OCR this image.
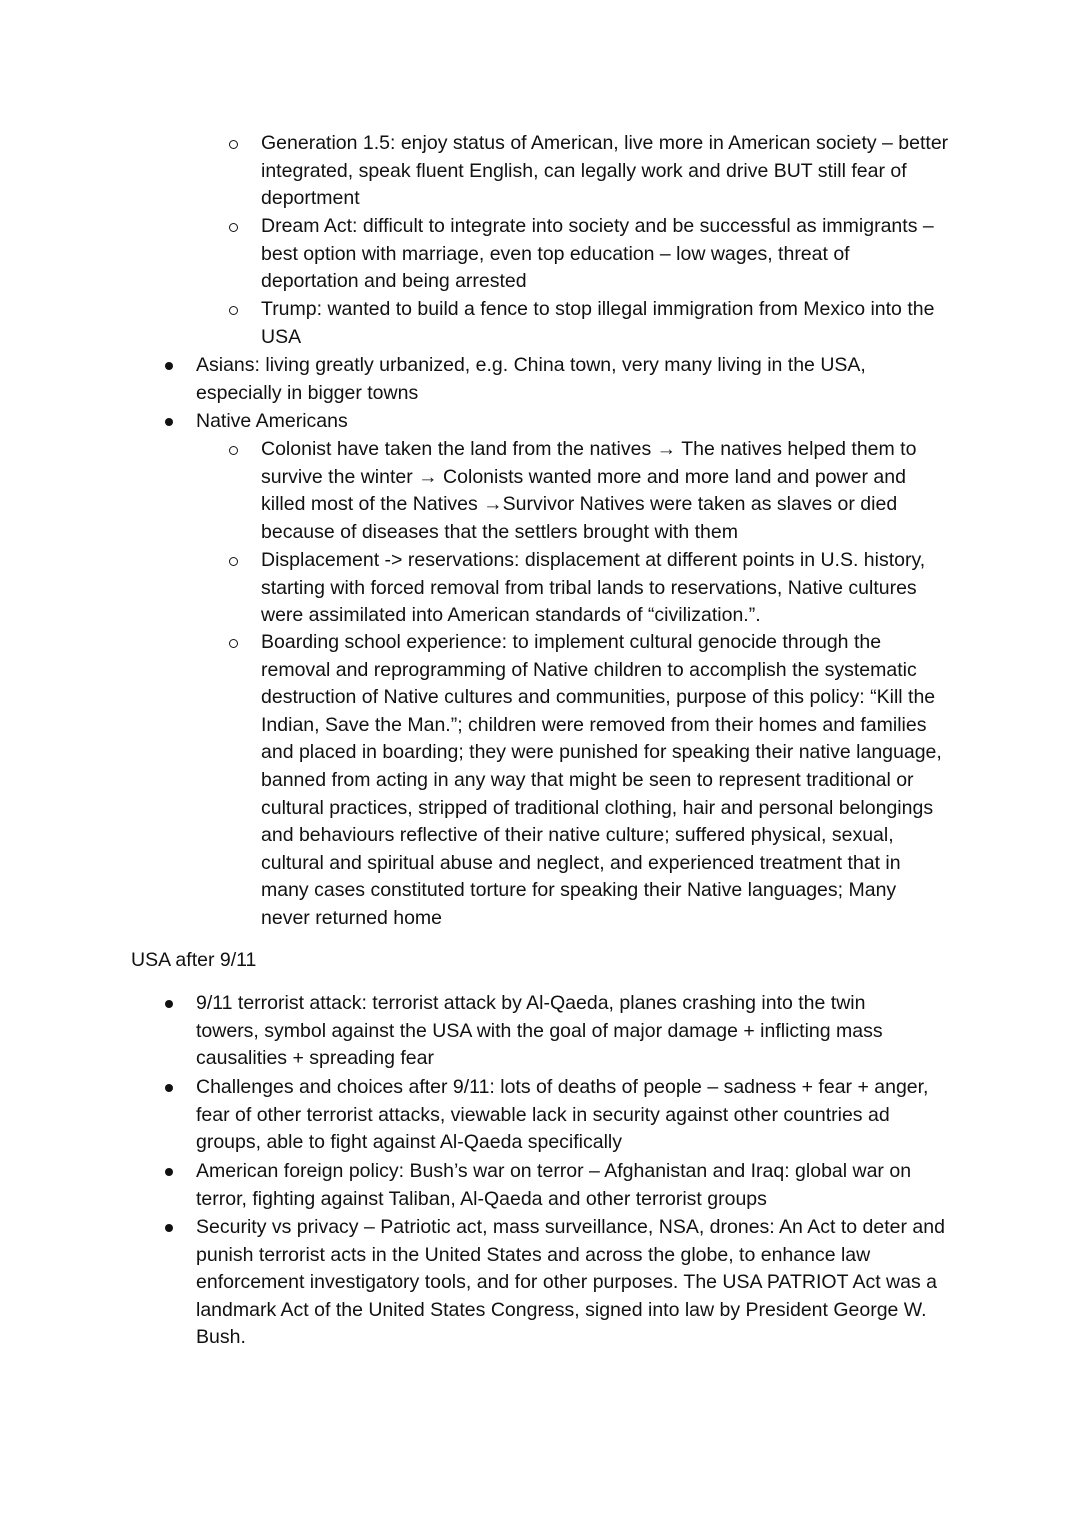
Generation 1.5: enjoy status of American, live more in American society – better integrated, speak fluent English, can legally work and drive BUT still fear of deportment
Dream Act: difficult to integrate into society and be successful as immigrants – best option with marriage, even top education – low wages, threat of deportation and being arrested
Trump: wanted to build a fence to stop illegal immigration from Mexico into the USA
Asians: living greatly urbanized, e.g. China town, very many living in the USA, especially in bigger towns
Native Americans
Colonist have taken the land from the natives → The natives helped them to survive the winter → Colonists wanted more and more land and power and killed most of the Natives →Survivor Natives were taken as slaves or died because of diseases that the settlers brought with them
Displacement -> reservations: displacement at different points in U.S. history, starting with forced removal from tribal lands to reservations, Native cultures were assimilated into American standards of “civilization.”.
Boarding school experience: to implement cultural genocide through the removal and reprogramming of Native children to accomplish the systematic destruction of Native cultures and communities, purpose of this policy: “Kill the Indian, Save the Man.”; children were removed from their homes and families and placed in boarding; they were punished for speaking their native language, banned from acting in any way that might be seen to represent traditional or cultural practices, stripped of traditional clothing, hair and personal belongings and behaviours reflective of their native culture; suffered physical, sexual, cultural and spiritual abuse and neglect, and experienced treatment that in many cases constituted torture for speaking their Native languages; Many never returned home
USA after 9/11
9/11 terrorist attack: terrorist attack by Al-Qaeda, planes crashing into the twin towers, symbol against the USA with the goal of major damage + inflicting mass causalities + spreading fear
Challenges and choices after 9/11: lots of deaths of people – sadness + fear + anger, fear of other terrorist attacks, viewable lack in security against other countries ad groups, able to fight against Al-Qaeda specifically
American foreign policy: Bush’s war on terror – Afghanistan and Iraq: global war on terror, fighting against Taliban, Al-Qaeda and other terrorist groups
Security vs privacy – Patriotic act, mass surveillance, NSA, drones: An Act to deter and punish terrorist acts in the United States and across the globe, to enhance law enforcement investigatory tools, and for other purposes. The USA PATRIOT Act was a landmark Act of the United States Congress, signed into law by President George W. Bush.
